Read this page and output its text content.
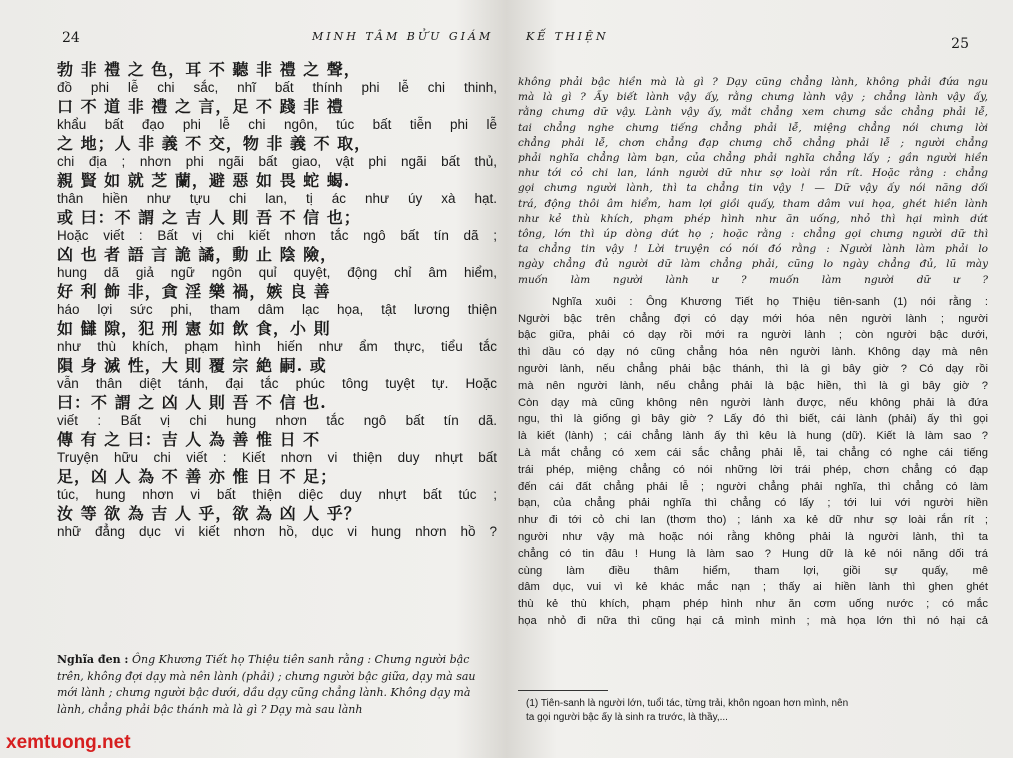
24	MINH TÂM BỬU GIÁM
勃 非 禮 之 色，耳 不 聽 非 禮 之 聲，
đồ phi lễ chi sắc, nhĩ bất thính phi lễ chi thinh,
口 不 道 非 禮 之 言，足 不 踐 非 禮
khẩu bất đạo phi lễ chi ngôn, túc bất tiễn phi lễ
之 地；人 非 義 不 交，物 非 義 不 取，
chi địa ; nhơn phi ngãi bất giao, vật phi ngãi bất thủ,
親 賢 如 就 芝 蘭，避 惡 如 畏 蛇 蝎.
thân hiền như tựu chi lan, tị ác như úy xà hạt.
或 曰：不 謂 之 吉 人 則 吾 不 信 也；
Hoặc viết : Bất vị chi kiết nhơn tắc ngô bất tín dã ;
凶 也 者 語 言 詭 譎，動 止 陰 險，
hung dã giả ngữ ngôn quỉ quyệt, động chỉ âm hiểm,
好 利 飾 非，貪 淫 樂 禍，嫉 良 善
háo lợi sức phi, tham dâm lạc họa, tật lương thiện
如 讎 隙，犯 刑 憲 如 飲 食，小 則
như thù khích, phạm hình hiến như ẩm thực, tiểu tắc
隕 身 滅 性，大 則 覆 宗 絶 嗣. 或
vẫn thân diệt tánh, đại tắc phúc tông tuyệt tự. Hoặc
曰：不 謂 之 凶 人 則 吾 不 信 也.
viết : Bất vị chi hung nhơn tắc ngô bất tín dã.
傳 有 之 曰：吉 人 為 善 惟 日 不
Truyện hữu chi viết : Kiết nhơn vi thiện duy nhựt bất
足，凶 人 為 不 善 亦 惟 日 不 足；
túc, hung nhơn vi bất thiện diệc duy nhựt bất túc ;
汝 等 欲 為 吉 人 乎，欲 為 凶 人 乎？
nhữ đẳng dục vi kiết nhơn hồ, dục vi hung nhơn hồ ?
Nghĩa đen : Ông Khương Tiết họ Thiệu tiên sanh rằng : Chưng người bậc trên, không đợi dạy mà nên lành (phải) ; chưng người bậc giữa, dạy mà sau mới lành ; chưng người bậc dưới, dầu dạy cũng chẳng lành. Không dạy mà lành, chẳng phải bậc thánh mà là gì ? Dạy mà sau lành
25
KẾ THIỆN
không phải bậc hiền mà là gì ? Dạy cũng chẳng lành, không phải đứa ngu
mà là gì ? Ấy biết lành vậy ấy, rằng chưng lành vậy ; chẳng lành vậy ấy,
rằng chưng dữ vậy. Lành vậy ấy, mắt chẳng xem chưng sắc chẳng phải lễ,
tai chẳng nghe chưng tiếng chẳng phải lễ, miệng chẳng nói chưng lời
chẳng phải lễ, chơn chẳng đạp chưng chỗ chẳng phải lễ ; người chẳng
phải nghĩa chẳng làm bạn, của chẳng phải nghĩa chẳng lấy ; gần người hiền
như tới cỏ chi lan, lánh người dữ như sợ loài rắn rít. Hoặc rằng : chẳng
gọi chưng người lành, thì ta chẳng tin vậy ! — Dữ vậy ấy nói năng dối
trá, động thôi âm hiểm, ham lợi giồi quấy, tham dâm vui họa, ghét hiền lành
như kẻ thù khích, phạm phép hình như ăn uống, nhỏ thì hại mình dứt
tông, lớn thì úp dòng dứt họ ; hoặc rằng : chẳng gọi chưng người dữ thì
ta chẳng tin vậy ! Lời truyện có nói đó rằng : Người lành làm phải lo
ngày chẳng đủ người dữ làm chẳng phải, cũng lo ngày chẳng đủ, lũ mày
muốn làm người lành ư ? muốn làm người dữ ư ?
Nghĩa xuôi : Ông Khương Tiết họ Thiệu tiên-sanh (1) nói rằng :
Người bậc trên chẳng đợi có dạy mới hóa nên người lành ; người
bậc giữa, phải có dạy rồi mới ra người lành ; còn người bậc dưới,
thì dầu có dạy nó cũng chẳng hóa nên người lành. Không dạy mà nên
người lành, nếu chẳng phải bậc thánh, thì là gì bây giờ ? Có dạy rồi
mà nên người lành, nếu chẳng phải là bậc hiền, thì là gì bây giờ ?
Còn dạy mà cũng không nên người lành được, nếu không phải là đứa
ngu, thì là giống gì bây giờ ? Lấy đó thì biết, cái lành (phải) ấy thì gọi
là kiết (lành) ; cái chẳng lành ấy thì kêu là hung (dữ). Kiết là làm sao ?
Là mắt chẳng có xem cái sắc chẳng phải lễ, tai chẳng có nghe cái tiếng
trái phép, miệng chẳng có nói những lời trái phép, chơn chẳng có đạp
đến cái đất chẳng phải lễ ; người chẳng phải nghĩa, thì chẳng có làm
bạn, của chẳng phải nghĩa thì chẳng có lấy ; tới lui với người hiền
như đi tới cỏ chi lan (thơm tho) ; lánh xa kẻ dữ như sợ loài rắn rít ;
người như vậy mà hoặc nói rằng không phải là người lành, thì ta
chẳng có tin đâu ! Hung là làm sao ? Hung dữ là kẻ nói năng dối trá
cùng làm điều thâm hiểm, tham lợi, giồi sự quấy, mê
dâm dục, vui vì kẻ khác mắc nạn ; thấy ai hiền lành thì ghen ghét
thù kẻ thù khích, phạm phép hình như ăn cơm uống nước ; có mắc
họa nhỏ đi nữa thì cũng hại cả mình mình ; mà họa lớn thì nó hại cả
(1) Tiên-sanh là người lớn, tuổi tác, từng trải, khôn ngoan hơn mình, nên
ta gọi người bậc ấy là sinh ra trước, là thầy,...
xemtuong.net
